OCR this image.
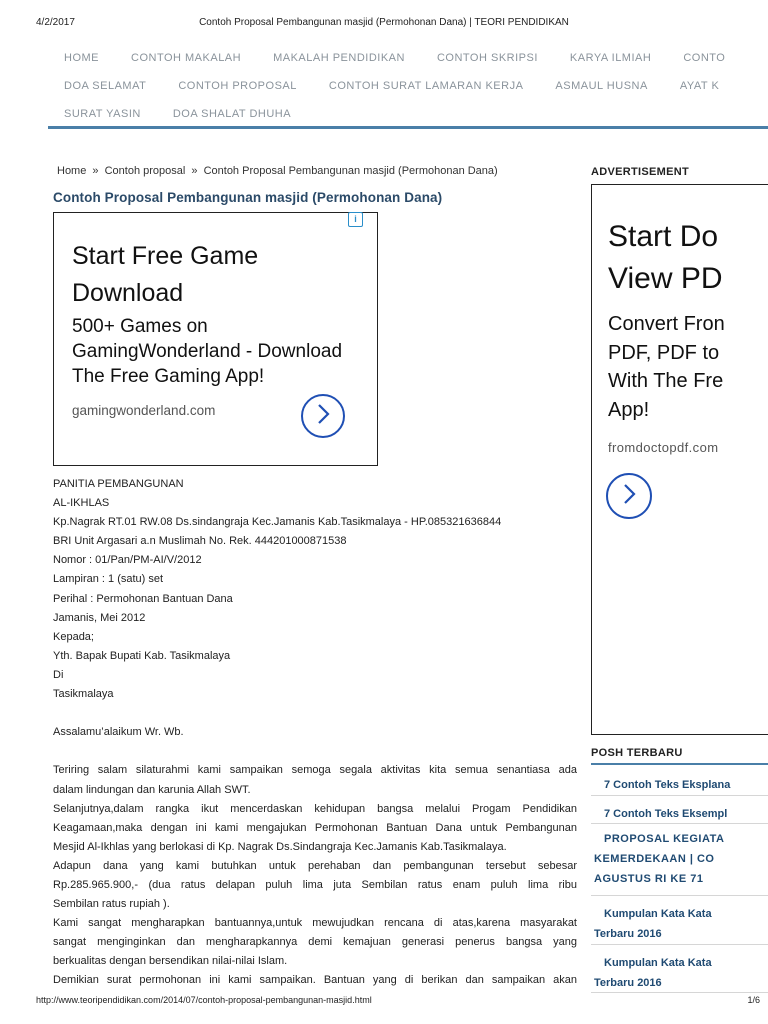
4/2/2017	Contoh Proposal Pembangunan masjid (Permohonan Dana) | TEORI PENDIDIKAN
HOME	CONTOH MAKALAH	MAKALAH PENDIDIKAN	CONTOH SKRIPSI	KARYA ILMIAH	CONTO
DOA SELAMAT	CONTOH PROPOSAL	CONTOH SURAT LAMARAN KERJA	ASMAUL HUSNA	AYAT K
SURAT YASIN	DOA SHALAT DHUHA
Home » Contoh proposal » Contoh Proposal Pembangunan masjid (Permohonan Dana)
Contoh Proposal Pembangunan masjid (Permohonan Dana)
Start Free Game
Download
500+ Games on
GamingWonderland - Download
The Free Gaming App!
gamingwonderland.com
i
PANITIA PEMBANGUNAN
AL-IKHLAS
Kp.Nagrak RT.01 RW.08 Ds.sindangraja Kec.Jamanis Kab.Tasikmalaya - HP.085321636844
BRI Unit Argasari a.n Muslimah No. Rek. 444201000871538
Nomor : 01/Pan/PM-AI/V/2012
Lampiran : 1 (satu) set
Perihal : Permohonan Bantuan Dana
Jamanis, Mei 2012
Kepada;
Yth. Bapak Bupati Kab. Tasikmalaya
Di
Tasikmalaya
Assalamu’alaikum Wr. Wb.
Teriring salam silaturahmi kami sampaikan semoga segala aktivitas kita semua senantiasa ada
dalam lindungan dan karunia Allah SWT.
Selanjutnya,dalam rangka ikut mencerdaskan kehidupan bangsa melalui Progam Pendidikan
Keagamaan,maka dengan ini kami mengajukan Permohonan Bantuan Dana untuk Pembangunan
Mesjid Al-Ikhlas yang berlokasi di Kp. Nagrak Ds.Sindangraja Kec.Jamanis Kab.Tasikmalaya.
Adapun dana yang kami butuhkan untuk perehaban dan pembangunan tersebut sebesar
Rp.285.965.900,- (dua ratus delapan puluh lima juta Sembilan ratus enam puluh lima ribu
Sembilan ratus rupiah ).
Kami sangat mengharapkan bantuannya,untuk mewujudkan rencana di atas,karena masyarakat
sangat menginginkan dan mengharapkannya demi kemajuan generasi penerus bangsa yang
berkualitas dengan bersendikan nilai-nilai Islam.
Demikian surat permohonan ini kami sampaikan. Bantuan yang di berikan dan sampaikan akan
ADVERTISEMENT
Start Do
View PD
Convert Fron
PDF, PDF to
With The Fre
App!
fromdoctopdf.com
POSH TERBARU
7 Contoh Teks Eksplana
7 Contoh Teks Eksempl
PROPOSAL KEGIATA
KEMERDEKAAN | CO
AGUSTUS RI KE 71
Kumpulan Kata Kata
Terbaru 2016
Kumpulan Kata Kata
Terbaru 2016
http://www.teoripendidikan.com/2014/07/contoh-proposal-pembangunan-masjid.html	1/6
